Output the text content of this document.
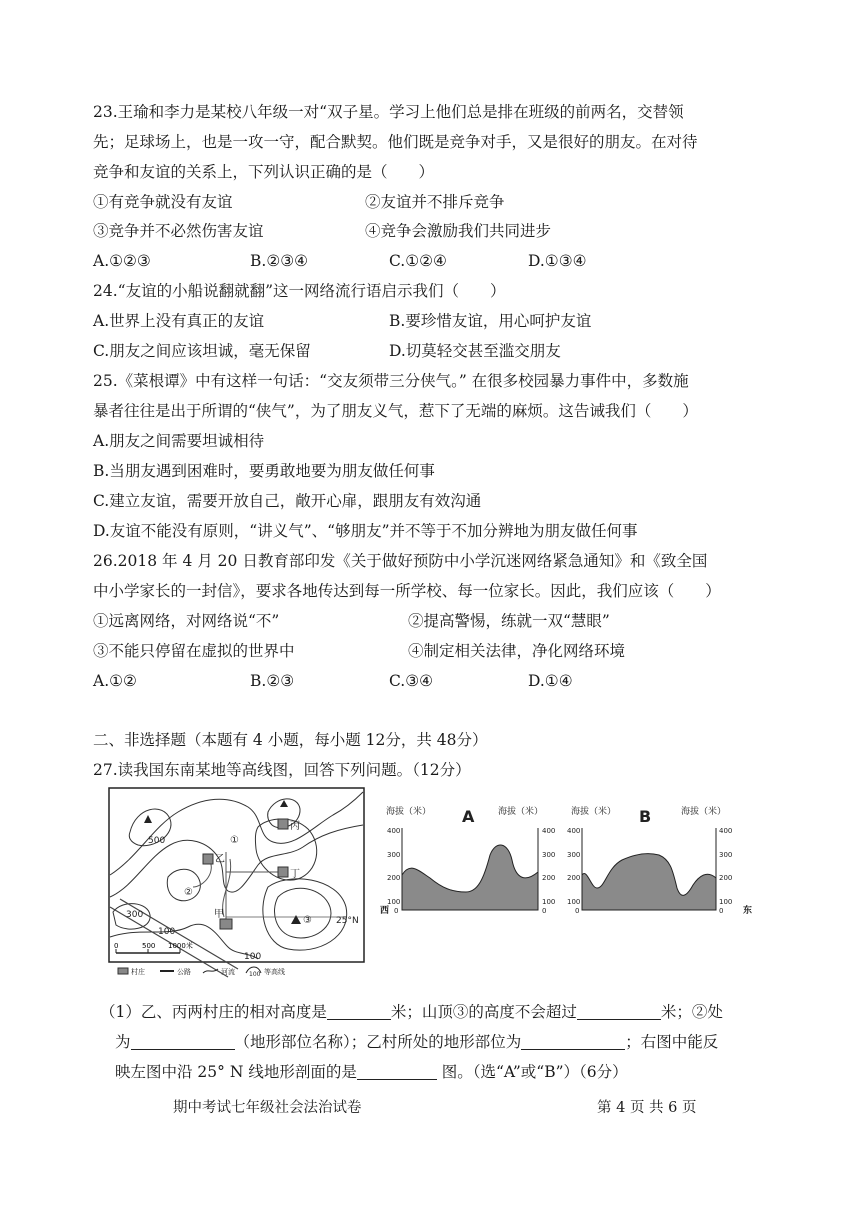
23.王瑜和李力是某校八年级一对“双子星。学习上他们总是排在班级的前两名，交替领
先；足球场上，也是一攻一守，配合默契。他们既是竞争对手，又是很好的朋友。在对待
竞争和友谊的关系上，下列认识正确的是（　　）
①有竞争就没有友谊	②友谊并不排斥竞争
③竞争并不必然伤害友谊	④竞争会激励我们共同进步
A.①②③	B.②③④	C.①②④	D.①③④
24.“友谊的小船说翻就翻”这一网络流行语启示我们（　　）
A.世界上没有真正的友谊	B.要珍惜友谊，用心呵护友谊
C.朋友之间应该坦诚，毫无保留	D.切莫轻交甚至滥交朋友
25.《菜根谭》中有这样一句话：“交友须带三分侠气。” 在很多校园暴力事件中，多数施
暴者往往是出于所谓的“侠气”，为了朋友义气，惹下了无端的麻烦。这告诫我们（　　）
A.朋友之间需要坦诚相待
B.当朋友遇到困难时，要勇敢地要为朋友做任何事
C.建立友谊，需要开放自己，敞开心扉，跟朋友有效沟通
D.友谊不能没有原则，“讲义气”、“够朋友”并不等于不加分辨地为朋友做任何事
26.2018 年 4 月 20 日教育部印发《关于做好预防中小学沉迷网络紧急通知》和《致全国
中小学家长的一封信》，要求各地传达到每一所学校、每一位家长。因此，我们应该（　　）
①远离网络，对网络说“不”	②提高警惕，练就一双“慧眼”
③不能只停留在虚拟的世界中	④制定相关法律，净化网络环境
A.①②	B.②③	C.③④	D.①④
二、非选择题（本题有 4 小题，每小题 12分，共 48分）
27.读我国东南某地等高线图，回答下列问题。（12分）
丙
乙
丁
甲
①
②
③	25°N
500
300
100
100
0	500 1000米
村庄	公路	河流 100 等高线
海拔（米）	海拔（米）
A
400
300
200
100
0
400
300
200
100
0
西
海拔（米）	海拔（米）
B
400
300
200
100
0
400
300
200
100
0 东
（1）乙、丙两村庄的相对高度是	米；山顶③的高度不会超过	米；②处
为	（地形部位名称）；乙村所处的地形部位为	；右图中能反
映左图中沿 25° N 线地形剖面的是	图。（选“A”或“B”）（6分）
期中考试七年级社会法治试卷	第 4 页 共 6 页
